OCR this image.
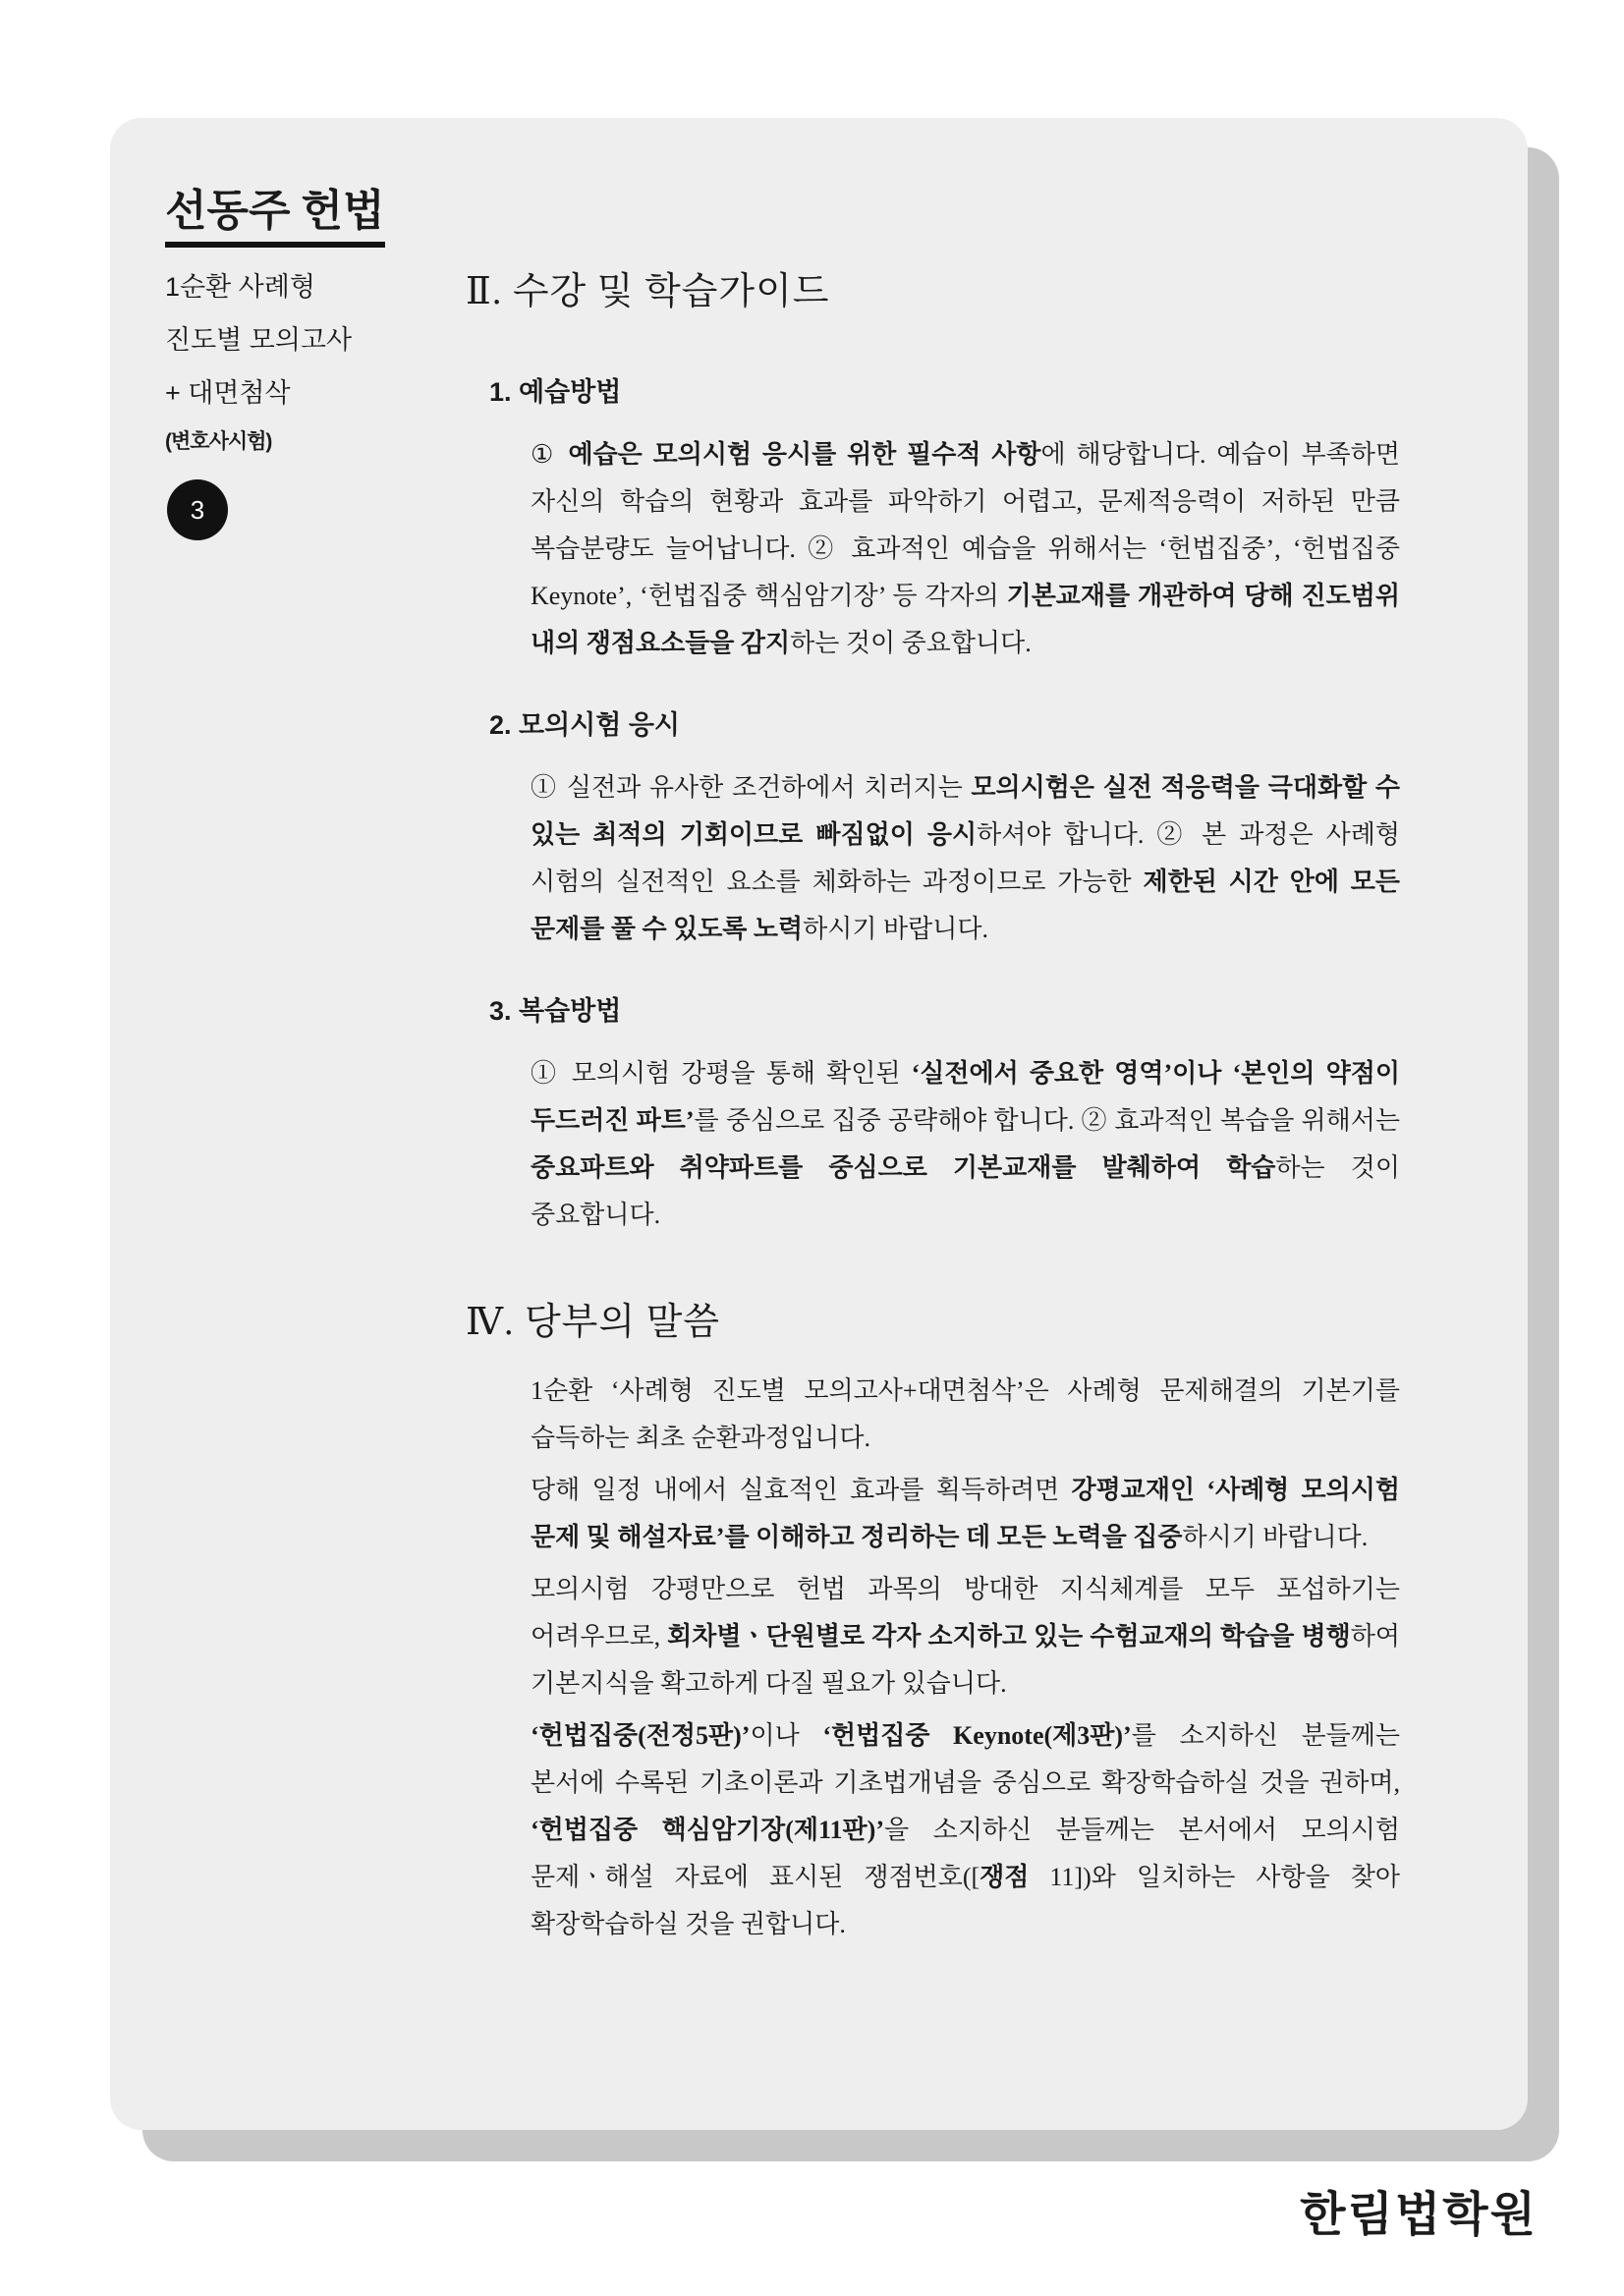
선동주 헌법

1순환 사례형

진도별 모의고사

+ 대면첨삭

(변호사시험)

3
Ⅱ. 수강 및 학습가이드
1. 예습방법

① 예습은 모의시험 응시를 위한 필수적 사항에 해당합니다. 예습이 부족하면 자신의 학습의 현황과 효과를 파악하기 어렵고, 문제적응력이 저하된 만큼 복습분량도 늘어납니다. ② 효과적인 예습을 위해서는 ‘헌법집중’, ‘헌법집중 Keynote’, ‘헌법집중 핵심암기장’ 등 각자의 기본교재를 개관하여 당해 진도범위 내의 쟁점요소들을 감지하는 것이 중요합니다.

2. 모의시험 응시

① 실전과 유사한 조건하에서 치러지는 모의시험은 실전 적응력을 극대화할 수 있는 최적의 기회이므로 빠짐없이 응시하셔야 합니다. ② 본 과정은 사례형 시험의 실전적인 요소를 체화하는 과정이므로 가능한 제한된 시간 안에 모든 문제를 풀 수 있도록 노력하시기 바랍니다.

3. 복습방법

① 모의시험 강평을 통해 확인된 ‘실전에서 중요한 영역’이나 ‘본인의 약점이 두드러진 파트’를 중심으로 집중 공략해야 합니다. ② 효과적인 복습을 위해서는 중요파트와 취약파트를 중심으로 기본교재를 발췌하여 학습하는 것이 중요합니다.

Ⅳ. 당부의 말씀

1순환 ‘사례형 진도별 모의고사+대면첨삭’은 사례형 문제해결의 기본기를 습득하는 최초 순환과정입니다.

당해 일정 내에서 실효적인 효과를 획득하려면 강평교재인 ‘사례형 모의시험 문제 및 해설자료’를 이해하고 정리하는 데 모든 노력을 집중하시기 바랍니다.

모의시험 강평만으로 헌법 과목의 방대한 지식체계를 모두 포섭하기는 어려우므로, 회차별ㆍ단원별로 각자 소지하고 있는 수험교재의 학습을 병행하여 기본지식을 확고하게 다질 필요가 있습니다.

‘헌법집중(전정5판)’이나 ‘헌법집중 Keynote(제3판)’를 소지하신 분들께는 본서에 수록된 기초이론과 기초법개념을 중심으로 확장학습하실 것을 권하며, ‘헌법집중 핵심암기장(제11판)’을 소지하신 분들께는 본서에서 모의시험 문제ㆍ해설 자료에 표시된 쟁점번호([쟁점 11])와 일치하는 사항을 찾아 확장학습하실 것을 권합니다.

한림법학원
